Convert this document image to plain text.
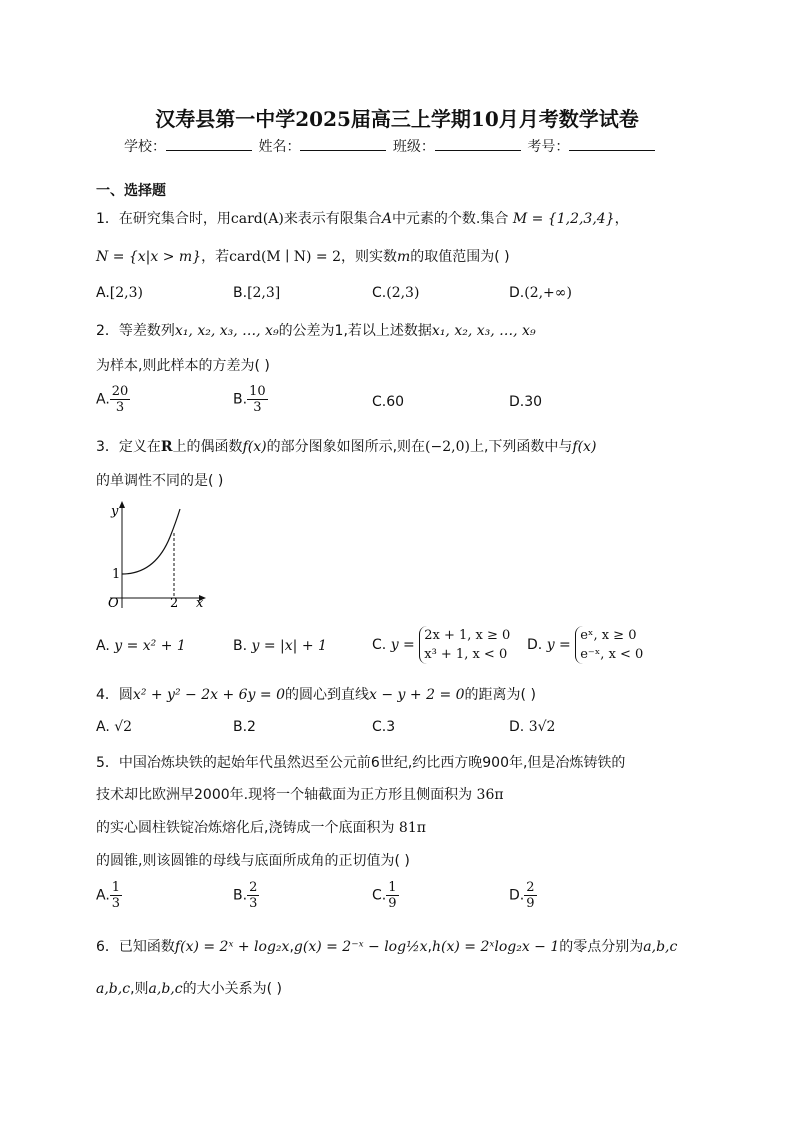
汉寿县第一中学2025届高三上学期10月月考数学试卷
学校：	姓名：	班级：	考号：
一、选择题
1．在研究集合时，用card(A)来表示有限集合A中元素的个数.集合 M = {1,2,3,4}，
N = {x|x > m}，若card(M ∣ N) = 2，则实数m的取值范围为( )
A.[2,3)	B.[2,3]	C.(2,3)	D.(2,+∞)
2．等差数列x₁, x₂, x₃, …, x₉的公差为1,若以上述数据x₁, x₂, x₃, …, x₉
为样本,则此样本的方差为( )
A. $\frac{20}{3}$	B. $\frac{10}{3}$	C.60	D.30
3．定义在R上的偶函数f(x)的部分图象如图所示,则在(−2,0)上,下列函数中与f(x)
的单调性不同的是( )
y
x
O
1
2
A. y = x² + 1	B. y = |x| + 1	C. y =
2x + 1, x ≥ 0
x³ + 1, x < 0
D. y =
eˣ, x ≥ 0
e⁻ˣ, x < 0
4．圆x² + y² − 2x + 6y = 0的圆心到直线x − y + 2 = 0的距离为( )
A. √2	B.2	C.3	D. 3√2
5．中国冶炼块铁的起始年代虽然迟至公元前6世纪,约比西方晚900年,但是冶炼铸铁的
技术却比欧洲早2000年.现将一个轴截面为正方形且侧面积为 36π
的实心圆柱铁锭冶炼熔化后,浇铸成一个底面积为 81π
的圆锥,则该圆锥的母线与底面所成角的正切值为( )
A. $\frac{1}{3}$	B. $\frac{2}{3}$	C. $\frac{1}{9}$	D. $\frac{2}{9}$
6．已知函数f(x) = 2ˣ + log₂x,g(x) = 2⁻ˣ − log½x,h(x) = 2ˣlog₂x − 1的零点分别为a,b,c
a,b,c,则a,b,c的大小关系为( )
